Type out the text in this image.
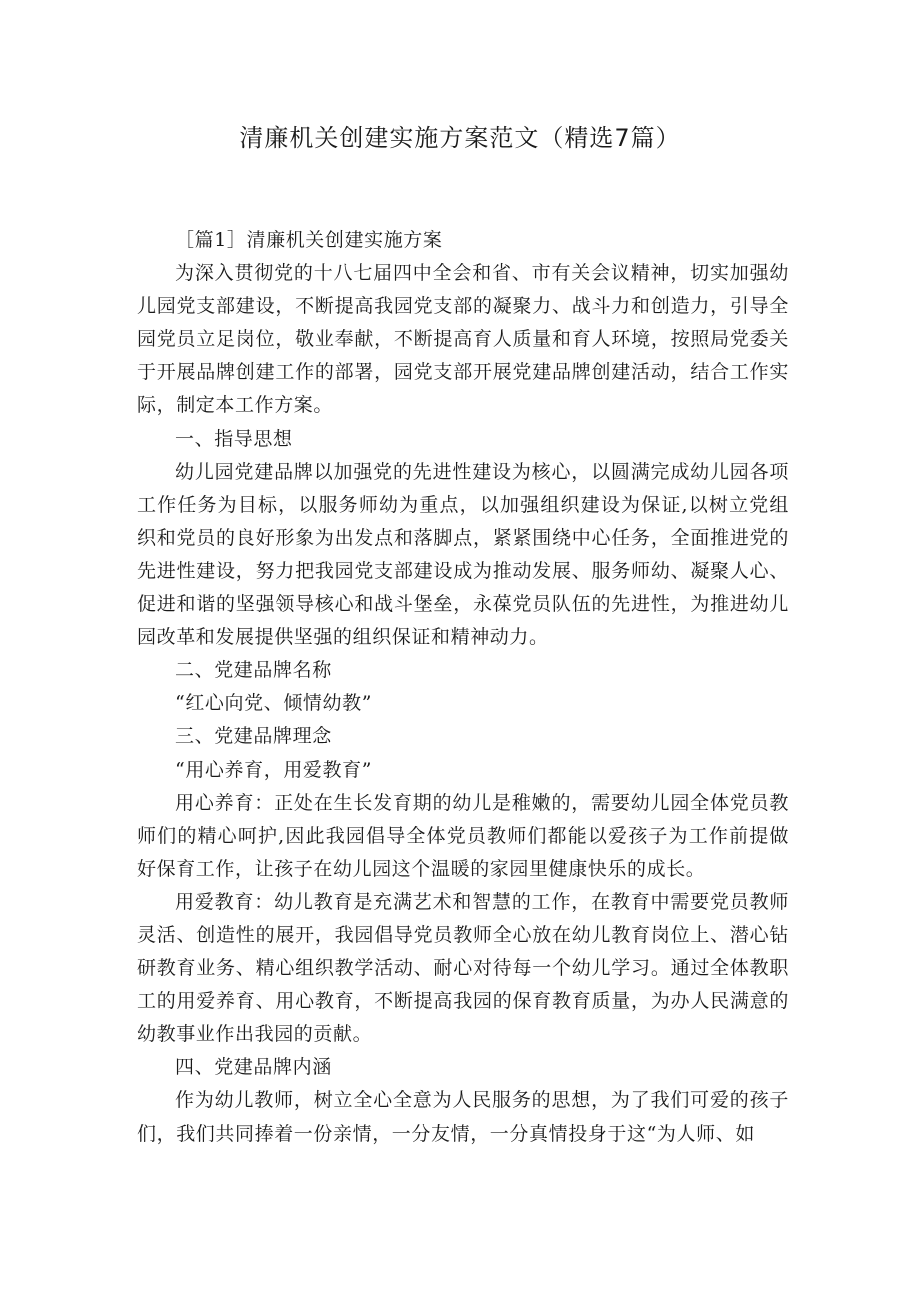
清廉机关创建实施方案范文（精选7篇）

［篇1］清廉机关创建实施方案

为深入贯彻党的十八七届四中全会和省、市有关会议精神，切实加强幼儿园党支部建设，不断提高我园党支部的凝聚力、战斗力和创造力，引导全园党员立足岗位，敬业奉献，不断提高育人质量和育人环境，按照局党委关于开展品牌创建工作的部署，园党支部开展党建品牌创建活动，结合工作实际，制定本工作方案。

一、指导思想

幼儿园党建品牌以加强党的先进性建设为核心，以圆满完成幼儿园各项工作任务为目标，以服务师幼为重点，以加强组织建设为保证,以树立党组织和党员的良好形象为出发点和落脚点，紧紧围绕中心任务，全面推进党的先进性建设，努力把我园党支部建设成为推动发展、服务师幼、凝聚人心、促进和谐的坚强领导核心和战斗堡垒，永葆党员队伍的先进性，为推进幼儿园改革和发展提供坚强的组织保证和精神动力。

二、党建品牌名称

“红心向党、倾情幼教”

三、党建品牌理念

“用心养育，用爱教育”

用心养育：正处在生长发育期的幼儿是稚嫩的，需要幼儿园全体党员教师们的精心呵护,因此我园倡导全体党员教师们都能以爱孩子为工作前提做好保育工作，让孩子在幼儿园这个温暖的家园里健康快乐的成长。

用爱教育：幼儿教育是充满艺术和智慧的工作，在教育中需要党员教师灵活、创造性的展开，我园倡导党员教师全心放在幼儿教育岗位上、潜心钻研教育业务、精心组织教学活动、耐心对待每一个幼儿学习。通过全体教职工的用爱养育、用心教育，不断提高我园的保育教育质量，为办人民满意的幼教事业作出我园的贡献。

四、党建品牌内涵

作为幼儿教师，树立全心全意为人民服务的思想，为了我们可爱的孩子们，我们共同捧着一份亲情，一分友情，一分真情投身于这“为人师、如
